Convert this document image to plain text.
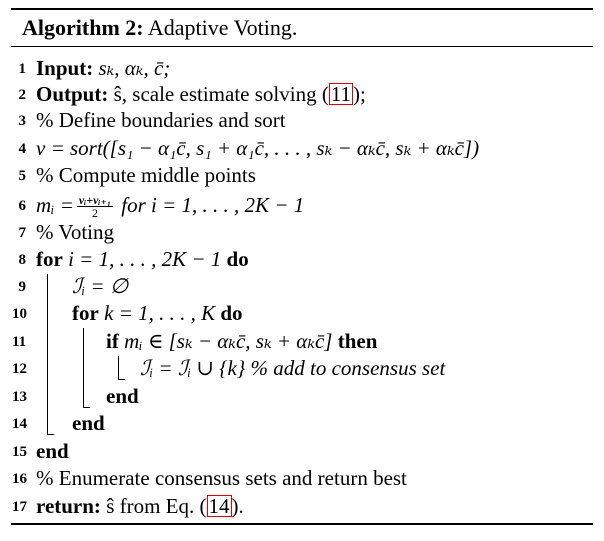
Algorithm 2: Adaptive Voting.
1 Input: sₖ, αₖ, c̄;
2 Output: ŝ, scale estimate solving (11);
3 % Define boundaries and sort
4 v = sort([s₁ − α₁c̄, s₁ + α₁c̄, . . . , sₖ − αₖc̄, sₖ + αₖc̄])
5 % Compute middle points
6 mᵢ = $\frac{\text{vᵢ+vᵢ₊₁}}{2}$ for i = 1, . . . , 2K − 1
7 % Voting
8 for i = 1, . . . , 2K − 1 do
9 ℐᵢ = ∅
10 for k = 1, . . . , K do
11	if mᵢ ∈ [sₖ − αₖc̄, sₖ + αₖc̄] then
12	ℐᵢ = ℐᵢ ∪ {k} % add to consensus set
13	end
14 end
15 end
16 % Enumerate consensus sets and return best
17 return: ŝ from Eq. (14).
